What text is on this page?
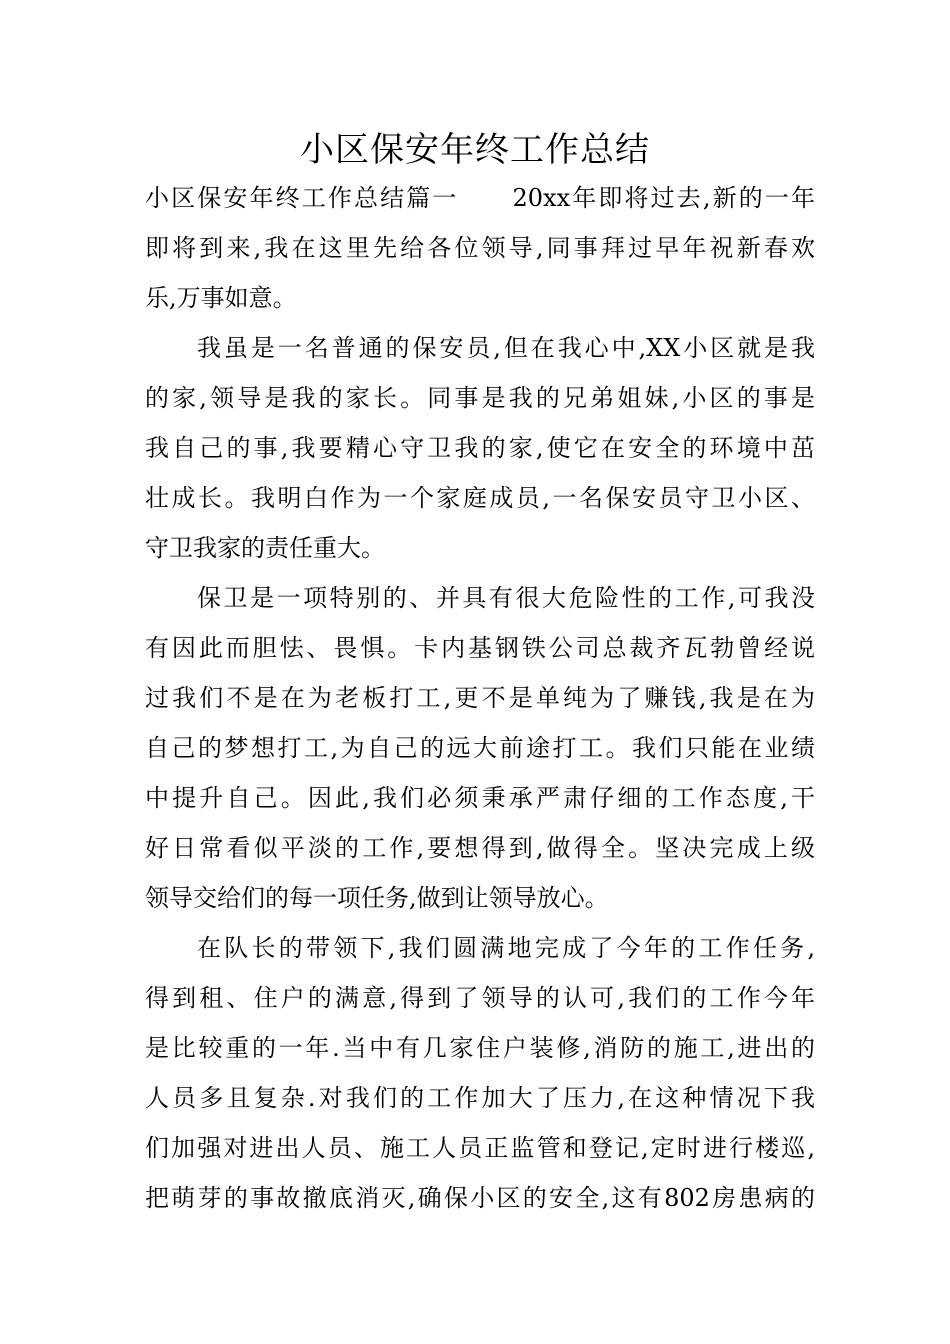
小区保安年终工作总结
小区保安年终工作总结篇一 20xx年即将过去,新的一年
即将到来,我在这里先给各位领导,同事拜过早年祝新春欢
乐,万事如意。
我虽是一名普通的保安员,但在我心中,XX小区就是我
的家,领导是我的家长。同事是我的兄弟姐妹,小区的事是
我自己的事,我要精心守卫我的家,使它在安全的环境中茁
壮成长。我明白作为一个家庭成员,一名保安员守卫小区、
守卫我家的责任重大。
保卫是一项特别的、并具有很大危险性的工作,可我没
有因此而胆怯、畏惧。卡内基钢铁公司总裁齐瓦勃曾经说
过我们不是在为老板打工,更不是单纯为了赚钱,我是在为
自己的梦想打工,为自己的远大前途打工。我们只能在业绩
中提升自己。因此,我们必须秉承严肃仔细的工作态度,干
好日常看似平淡的工作,要想得到,做得全。坚决完成上级
领导交给们的每一项任务,做到让领导放心。
在队长的带领下,我们圆满地完成了今年的工作任务,
得到租、住户的满意,得到了领导的认可,我们的工作今年
是比较重的一年.当中有几家住户装修,消防的施工,进出的
人员多且复杂.对我们的工作加大了压力,在这种情况下我
们加强对进出人员、施工人员正监管和登记,定时进行楼巡,
把萌芽的事故撤底消灭,确保小区的安全,这有802房患病的
